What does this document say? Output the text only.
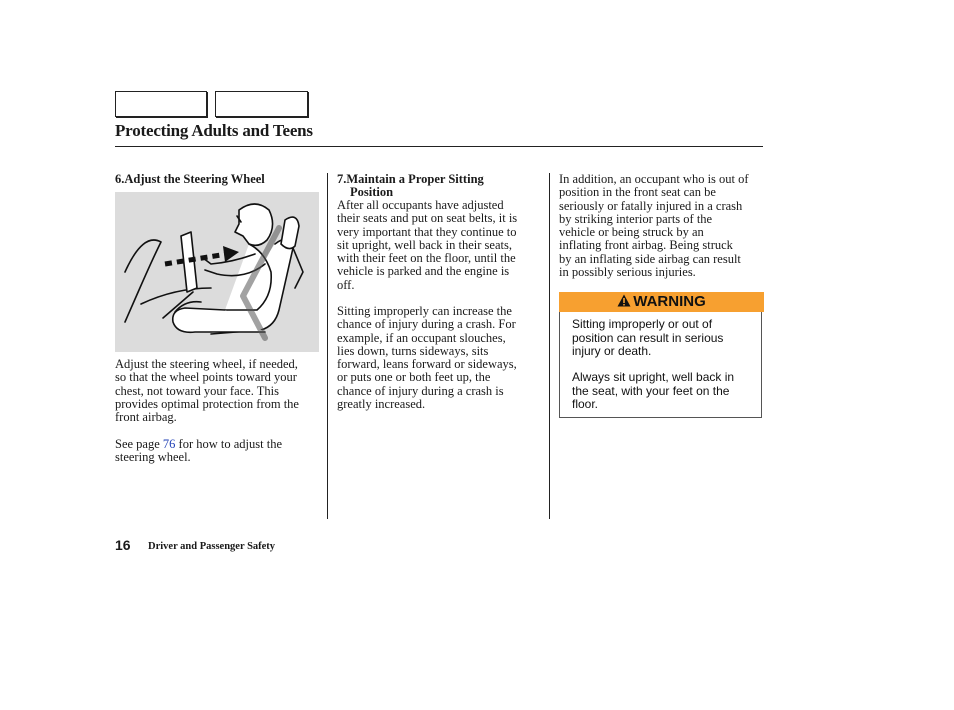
Protecting Adults and Teens
6.Adjust the Steering Wheel
Adjust the steering wheel, if needed,
so that the wheel points toward your
chest, not toward your face. This
provides optimal protection from the
front airbag.
See page 76 for how to adjust the
steering wheel.
7.Maintain a Proper Sitting
Position
After all occupants have adjusted
their seats and put on seat belts, it is
very important that they continue to
sit upright, well back in their seats,
with their feet on the floor, until the
vehicle is parked and the engine is
off.
Sitting improperly can increase the
chance of injury during a crash. For
example, if an occupant slouches,
lies down, turns sideways, sits
forward, leans forward or sideways,
or puts one or both feet up, the
chance of injury during a crash is
greatly increased.
In addition, an occupant who is out of
position in the front seat can be
seriously or fatally injured in a crash
by striking interior parts of the
vehicle or being struck by an
inflating front airbag. Being struck
by an inflating side airbag can result
in possibly serious injuries.
WARNING
Sitting improperly or out of
position can result in serious
injury or death.
Always sit upright, well back in
the seat, with your feet on the
floor.
16 Driver and Passenger Safety
